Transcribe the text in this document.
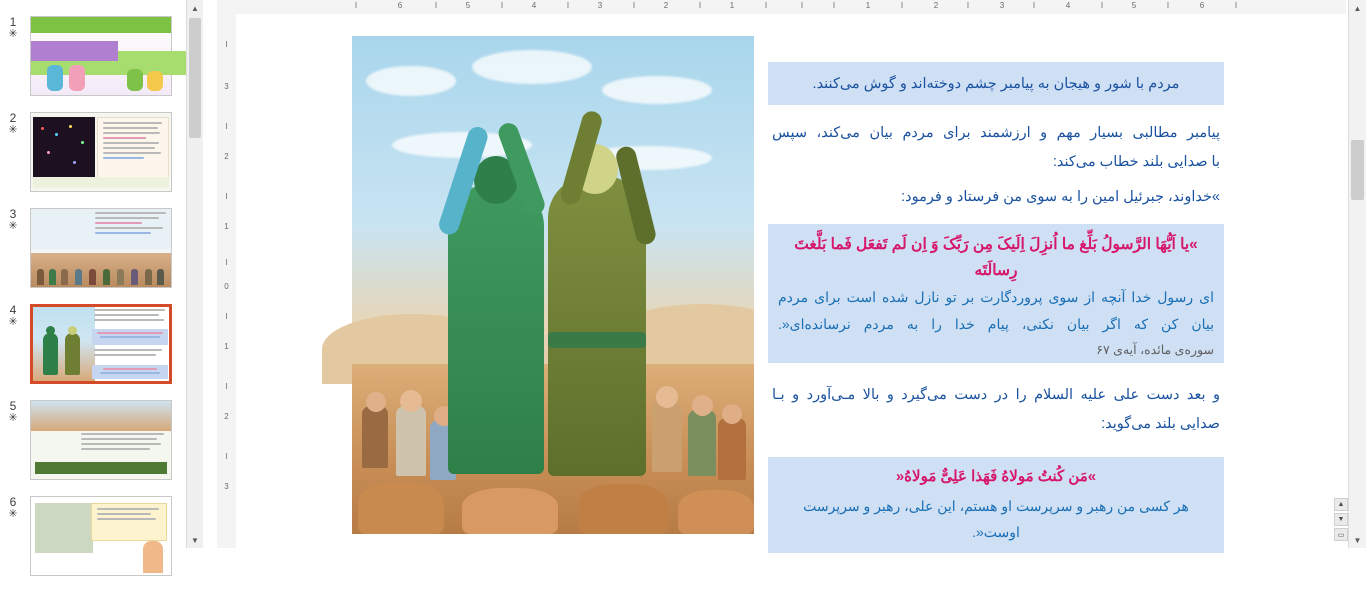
1
✳
2
✳
3
✳
4
✳
5
✳
6
✳
▲
▼
I
3
I
2
I
1
I
0
I
1
I
2
I
3
I	6	I	5	I	4	I	3	I	2	I	1	I	I	I	1	I	2	I	3	I	4	I	5	I	6	I
مردم با شور و هیجان به پیامبر چشم دوخته‌اند و گوش می‌کنند.
پیامبر مطالبی بسیار مهم و ارزشمند برای مردم بیان می‌کند، سپس
با صدایی بلند خطاب می‌کند:
»خداوند، جبرئیل امین را به سوی من فرستاد و فرمود:
»یا اَیُّهَا الرَّسولُ بَلِّغ ما اُنزِلَ اِلَیکَ مِن رَبِّکَ وَ اِن لَم تَفعَل فَما بَلَّغتَ رِسالَتَه
ای رسول خدا آنچه از سوی پروردگارت بر تو نازل شده است برای مردم
بیان کن که اگر بیان نکنی، پیام خدا را به مردم نرسانده‌ای«.
سوره‌ی مائده، آیه‌ی ۶۷
و بعد دست علی علیه السلام را در دست می‌گیرد و بالا مـی‌آورد و بـا
صدایی بلند می‌گوید:
»مَن کُنتُ مَولاهُ فَهَذا عَلِیٌّ مَولاهُ«
هر کسی من رهبر و سرپرست او هستم، این علی، رهبر و سرپرست اوست«.
▲
▼
▲
▼
▭
